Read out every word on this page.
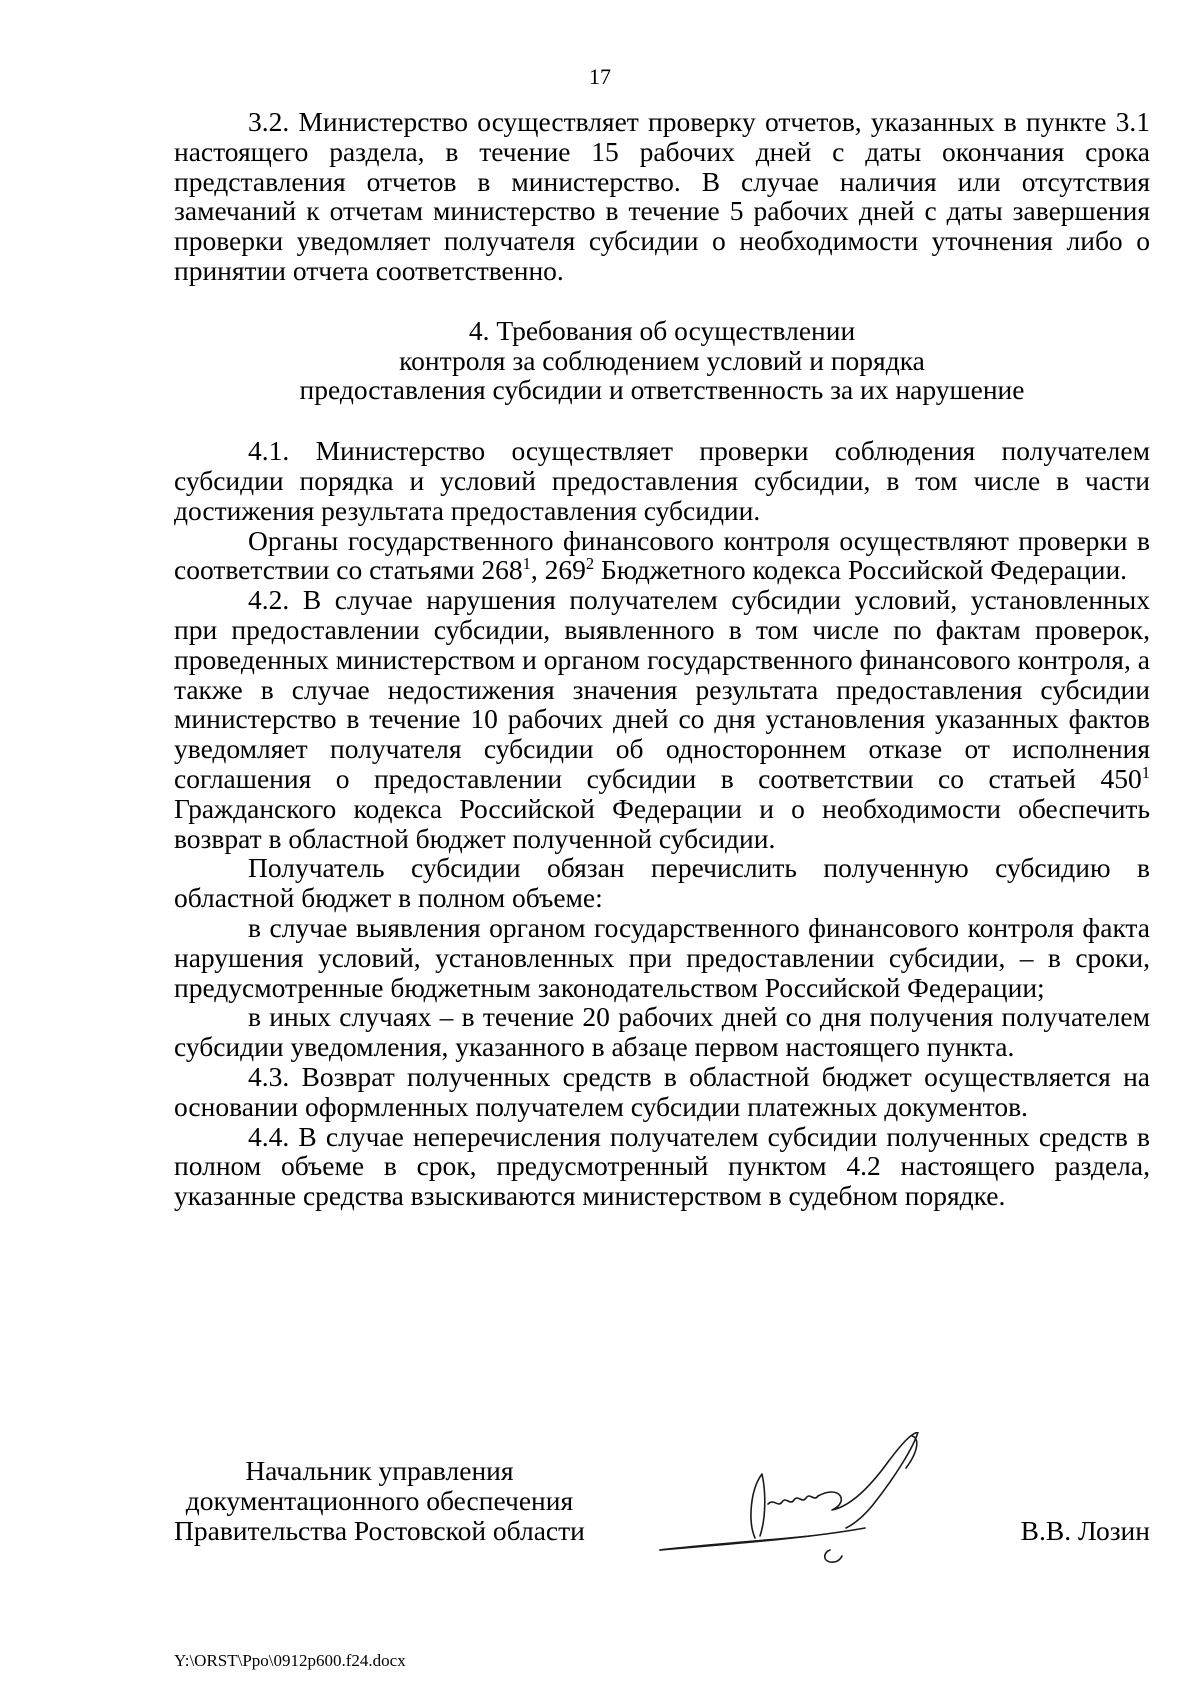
17

3.2. Министерство осуществляет проверку отчетов, указанных в пункте 3.1 настоящего раздела, в течение 15 рабочих дней с даты окончания срока представления отчетов в министерство. В случае наличия или отсутствия замечаний к отчетам министерство в течение 5 рабочих дней с даты завершения проверки уведомляет получателя субсидии о необходимости уточнения либо о принятии отчета соответственно.

4. Требования об осуществлении
контроля за соблюдением условий и порядка
предоставления субсидии и ответственность за их нарушение

4.1. Министерство осуществляет проверки соблюдения получателем субсидии порядка и условий предоставления субсидии, в том числе в части достижения результата предоставления субсидии.

Органы государственного финансового контроля осуществляют проверки в соответствии со статьями $268^1$, $269^2$ Бюджетного кодекса Российской Федерации.

4.2. В случае нарушения получателем субсидии условий, установленных при предоставлении субсидии, выявленного в том числе по фактам проверок, проведенных министерством и органом государственного финансового контроля, а также в случае недостижения значения результата предоставления субсидии министерство в течение 10 рабочих дней со дня установления указанных фактов уведомляет получателя субсидии об одностороннем отказе от исполнения соглашения о предоставлении субсидии в соответствии со статьей $450^1$ Гражданского кодекса Российской Федерации и о необходимости обеспечить возврат в областной бюджет полученной субсидии.

Получатель субсидии обязан перечислить полученную субсидию в областной бюджет в полном объеме:

в случае выявления органом государственного финансового контроля факта нарушения условий, установленных при предоставлении субсидии, – в сроки, предусмотренные бюджетным законодательством Российской Федерации;

в иных случаях – в течение 20 рабочих дней со дня получения получателем субсидии уведомления, указанного в абзаце первом настоящего пункта.

4.3. Возврат полученных средств в областной бюджет осуществляется на основании оформленных получателем субсидии платежных документов.

4.4. В случае неперечисления получателем субсидии полученных средств в полном объеме в срок, предусмотренный пунктом 4.2 настоящего раздела, указанные средства взыскиваются министерством в судебном порядке.

Начальник управления
документационного обеспечения
Правительства Ростовской области	В.В. Лозин
Y:\ORST\Ppo\0912p600.f24.docx
